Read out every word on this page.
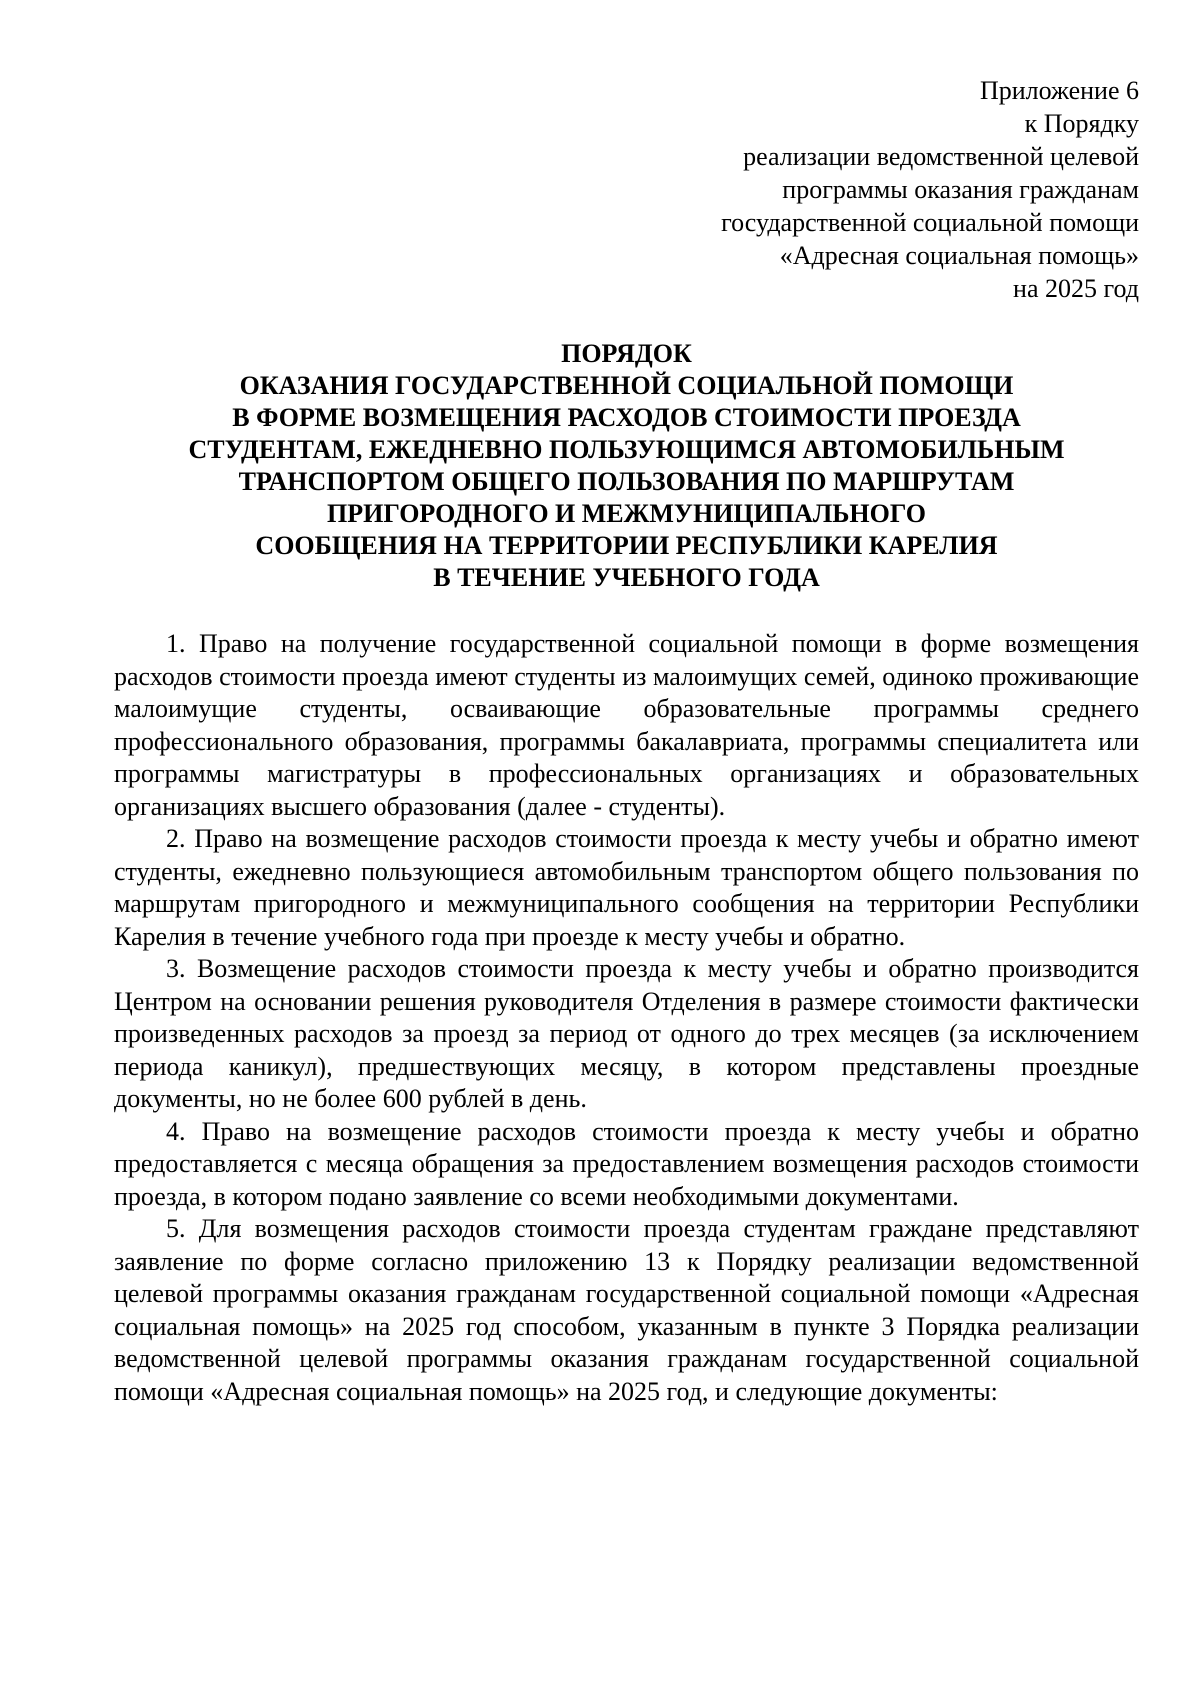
Приложение 6
к Порядку
реализации ведомственной целевой
программы оказания гражданам
государственной социальной помощи
«Адресная социальная помощь»
на 2025 год
ПОРЯДОК
ОКАЗАНИЯ ГОСУДАРСТВЕННОЙ СОЦИАЛЬНОЙ ПОМОЩИ
В ФОРМЕ ВОЗМЕЩЕНИЯ РАСХОДОВ СТОИМОСТИ ПРОЕЗДА
СТУДЕНТАМ, ЕЖЕДНЕВНО ПОЛЬЗУЮЩИМСЯ АВТОМОБИЛЬНЫМ
ТРАНСПОРТОМ ОБЩЕГО ПОЛЬЗОВАНИЯ ПО МАРШРУТАМ
ПРИГОРОДНОГО И МЕЖМУНИЦИПАЛЬНОГО
СООБЩЕНИЯ НА ТЕРРИТОРИИ РЕСПУБЛИКИ КАРЕЛИЯ
В ТЕЧЕНИЕ УЧЕБНОГО ГОДА

1. Право на получение государственной социальной помощи в форме возмещения расходов стоимости проезда имеют студенты из малоимущих семей, одиноко проживающие малоимущие студенты, осваивающие образовательные программы среднего профессионального образования, программы бакалавриата, программы специалитета или программы магистратуры в профессиональных организациях и образовательных организациях высшего образования (далее - студенты).

2. Право на возмещение расходов стоимости проезда к месту учебы и обратно имеют студенты, ежедневно пользующиеся автомобильным транспортом общего пользования по маршрутам пригородного и межмуниципального сообщения на территории Республики Карелия в течение учебного года при проезде к месту учебы и обратно.

3. Возмещение расходов стоимости проезда к месту учебы и обратно производится Центром на основании решения руководителя Отделения в размере стоимости фактически произведенных расходов за проезд за период от одного до трех месяцев (за исключением периода каникул), предшествующих месяцу, в котором представлены проездные документы, но не более 600 рублей в день.

4. Право на возмещение расходов стоимости проезда к месту учебы и обратно предоставляется с месяца обращения за предоставлением возмещения расходов стоимости проезда, в котором подано заявление со всеми необходимыми документами.

5. Для возмещения расходов стоимости проезда студентам граждане представляют заявление по форме согласно приложению 13 к Порядку реализации ведомственной целевой программы оказания гражданам государственной социальной помощи «Адресная социальная помощь» на 2025 год способом, указанным в пункте 3 Порядка реализации ведомственной целевой программы оказания гражданам государственной социальной помощи «Адресная социальная помощь» на 2025 год, и следующие документы:
